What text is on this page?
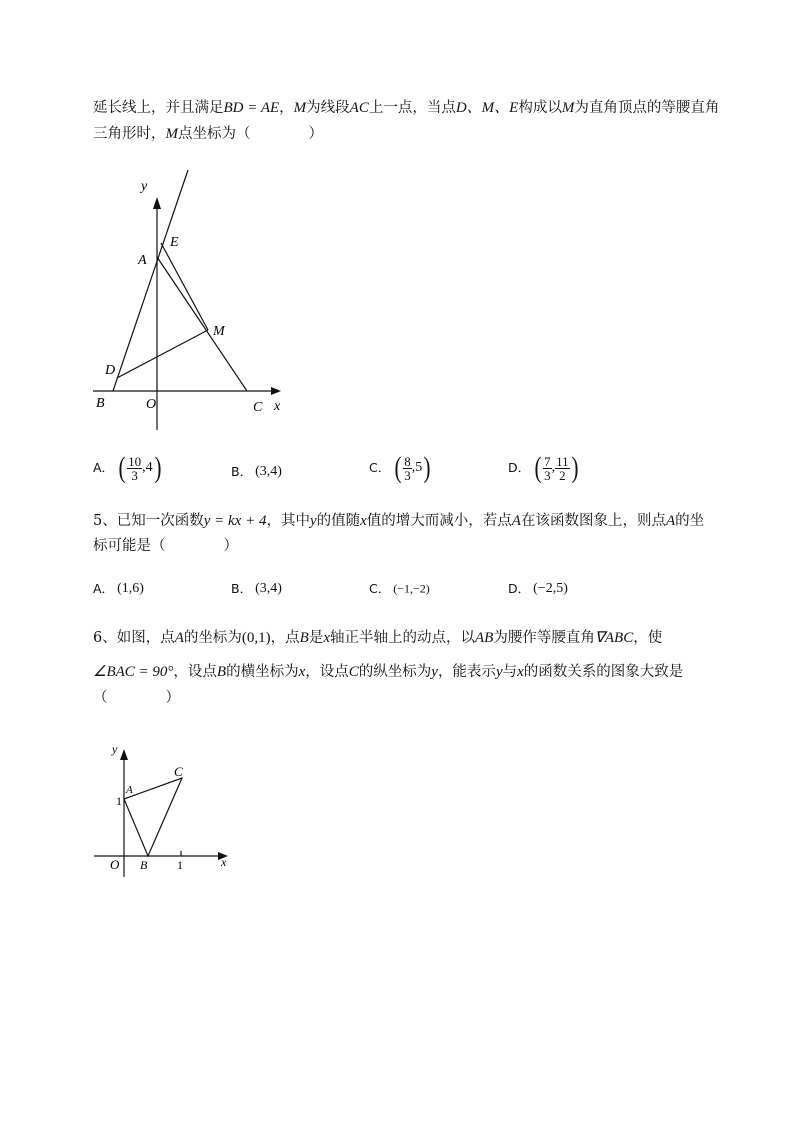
延长线上，并且满足BD = AE，M为线段AC上一点，当点D、M、E构成以M为直角顶点的等腰直角
三角形时，M点坐标为（　　　　）
y
E
A
M
D
B	O	C x
A． ( $\frac{10}{3} ,4$)	B． (3,4)	C． ( $\frac{8}{3} ,5$)	D． ( $\frac{7}{3}$ , $\frac{11}{2}$ )
5、已知一次函数y = kx + 4，其中y的值随x值的增大而减小，若点A在该函数图象上，则点A的坐
标可能是（　　　　）
A． (1,6)	B． (3,4)	C． (−1,−2)	D． (−2,5)
6、如图，点A的坐标为(0,1)，点B是x轴正半轴上的动点，以AB为腰作等腰直角∇ABC，使
∠BAC = 90°，设点B的横坐标为x，设点C的纵坐标为y，能表示y与x的函数关系的图象大致是
（　　　　）
y
C
A
1
O B 1	x
